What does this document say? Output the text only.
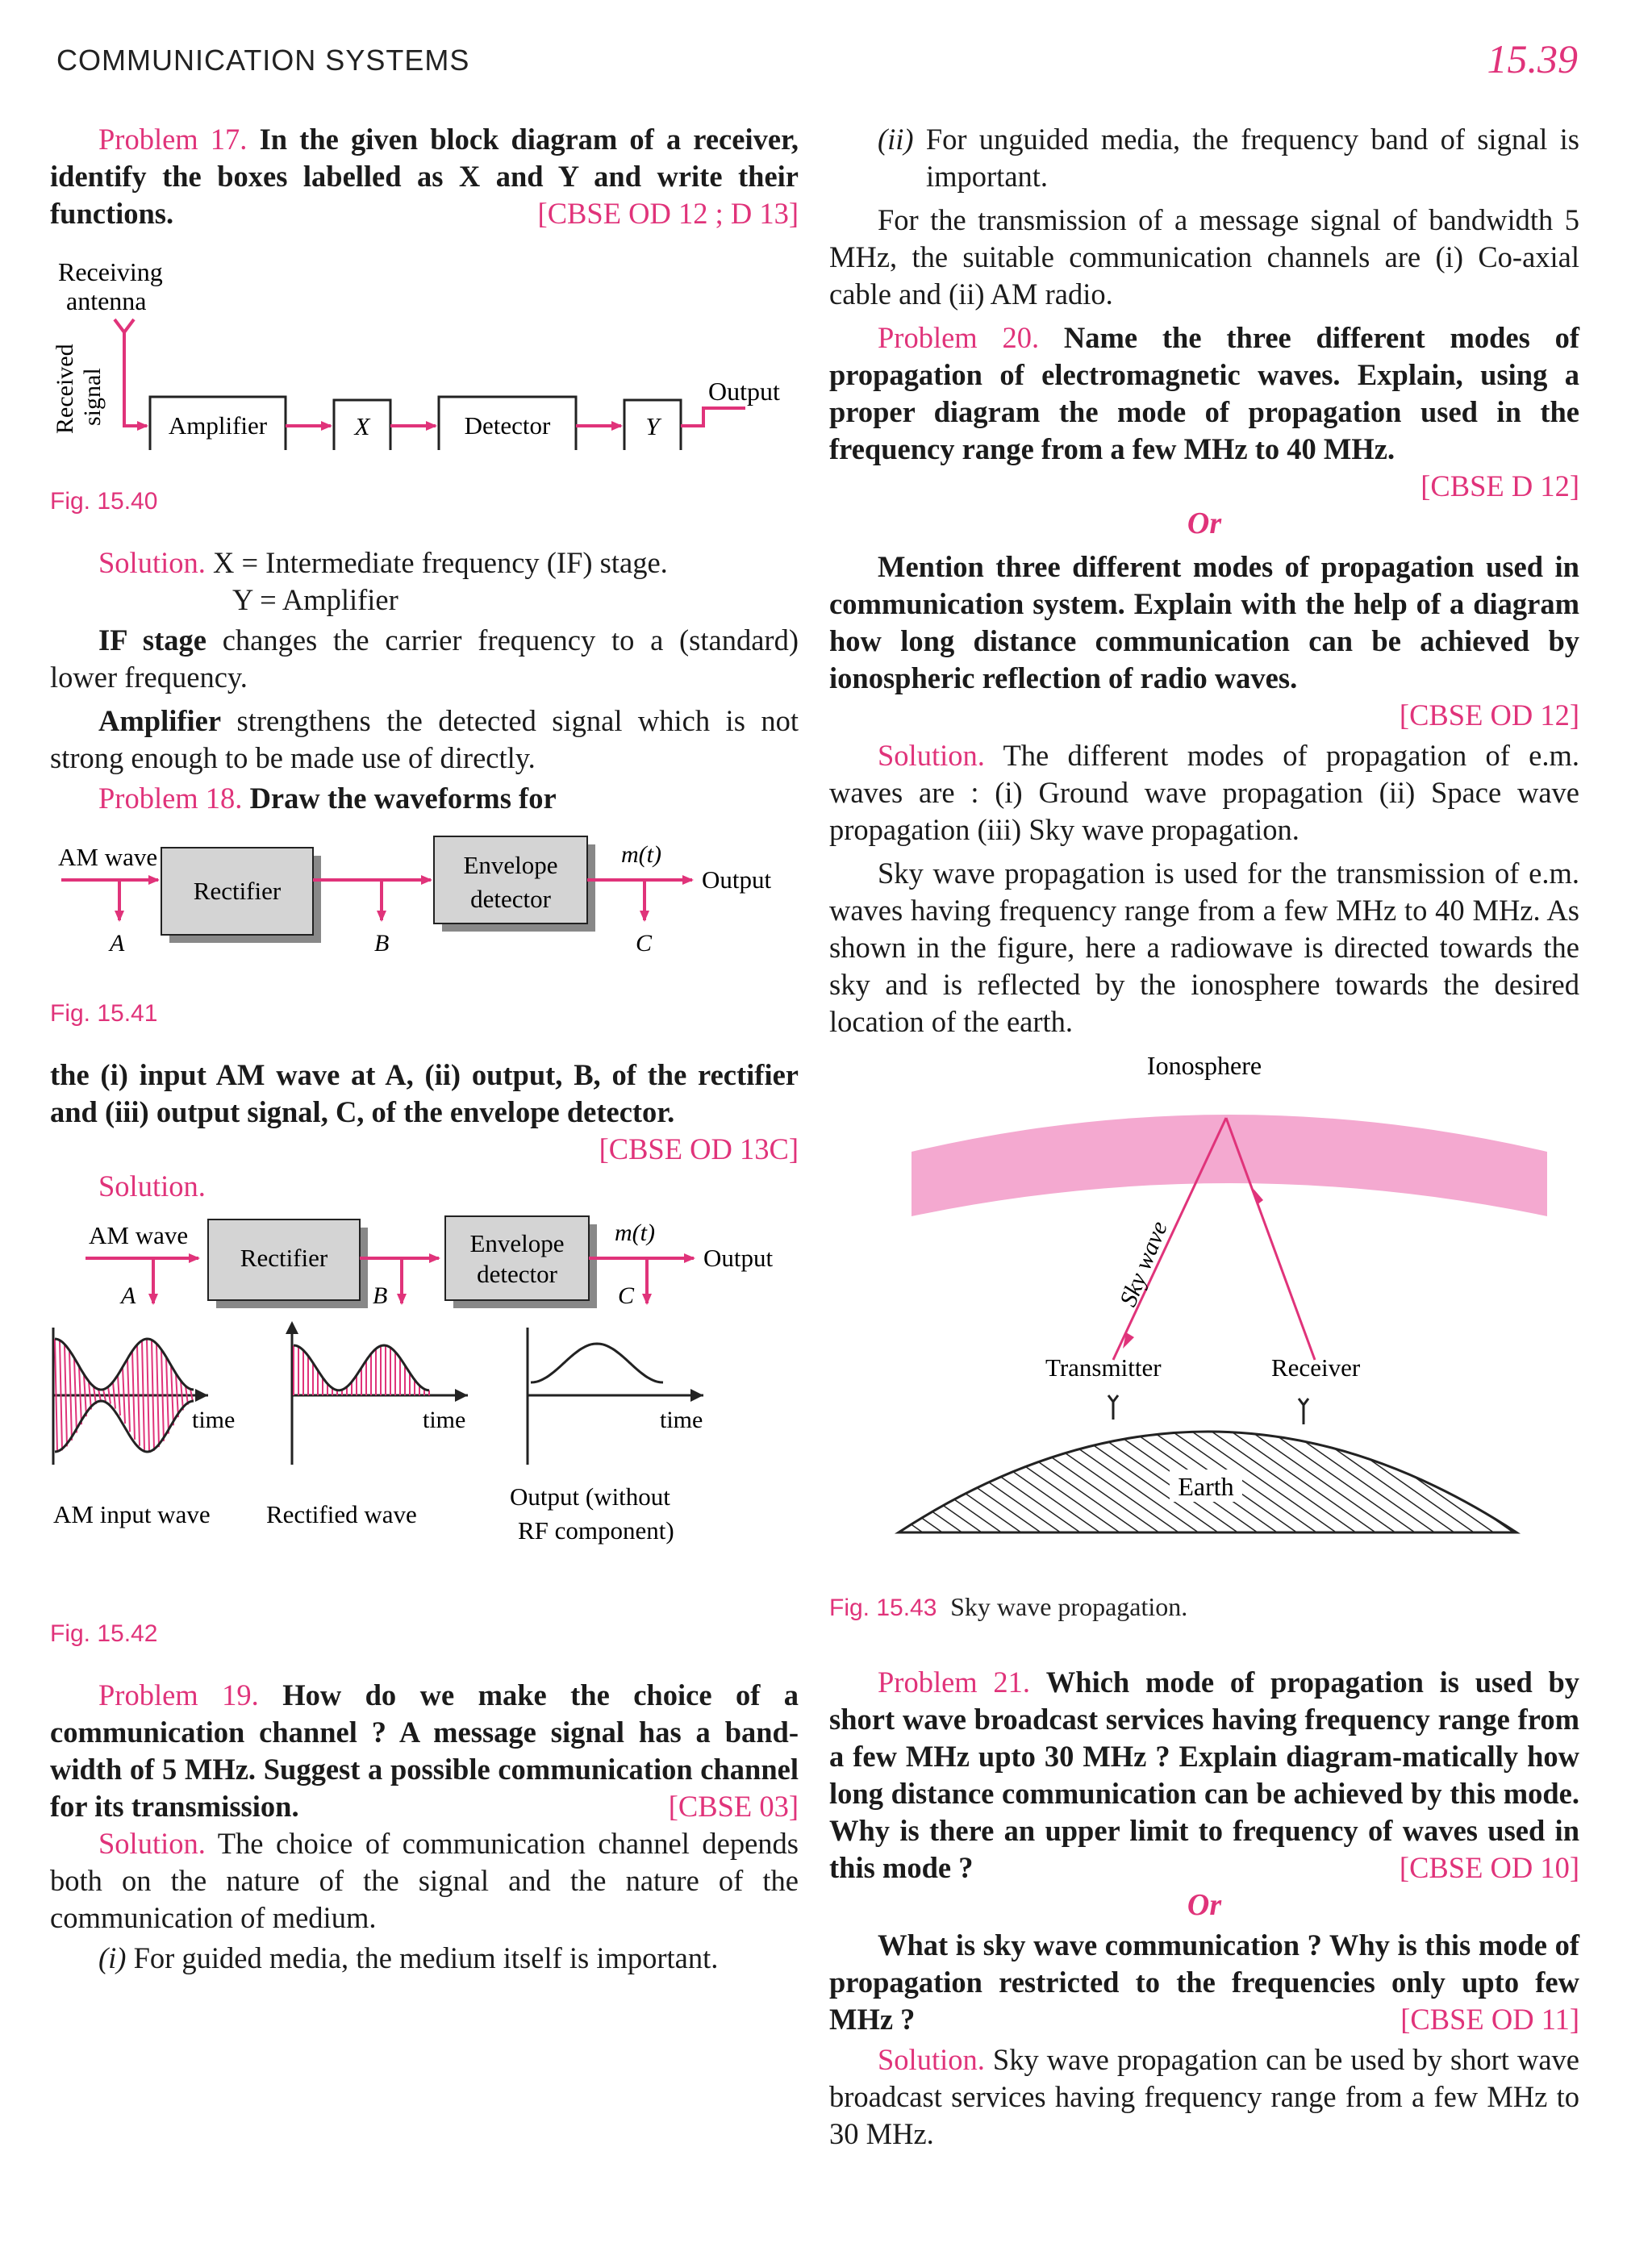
COMMUNICATION SYSTEMS	15.39

Problem 17. In the given block diagram of a receiver, identify the boxes labelled as X and Y and write their functions.	[CBSE OD 12 ; D 13]

Receiving
antenna
Received signal	Amplifier	X	Detector	Y
Output
Fig. 15.40

Solution. X = Intermediate frequency (IF) stage.

Y = Amplifier

IF stage changes the carrier frequency to a (standard) lower frequency.

Amplifier strengthens the detected signal which is not strong enough to be made use of directly.

Problem 18. Draw the waveforms for

AM wave
A
Rectifier
B
Envelope
detector
m(t)
C
Output
Fig. 15.41

the (i) input AM wave at A, (ii) output, B, of the rectifier and (iii) output signal, C, of the envelope detector.

[CBSE OD 13C]

Solution.

AM wave
A
Rectifier
B
Envelope
detector
m(t)
C
Output
time	time	time
AM input wave Rectified wave
Output (without
RF component)
Fig. 15.42

Problem 19. How do we make the choice of a communication channel ? A message signal has a band-width of 5 MHz. Suggest a possible communication channel for its transmission.	[CBSE 03]

Solution. The choice of communication channel depends both on the nature of the signal and the nature of the communication of medium.

(i) For guided media, the medium itself is important.

(ii) For unguided media, the frequency band of signal is important.

For the transmission of a message signal of bandwidth 5 MHz, the suitable communication channels are (i) Co-axial cable and (ii) AM radio.

Problem 20. Name the three different modes of propagation of electromagnetic waves. Explain, using a proper diagram the mode of propagation used in the frequency range from a few MHz to 40 MHz.

[CBSE D 12]
Or

Mention three different modes of propagation used in communication system. Explain with the help of a diagram how long distance communication can be achieved by ionospheric reflection of radio waves.

[CBSE OD 12]

Solution. The different modes of propagation of e.m. waves are : (i) Ground wave propagation (ii) Space wave propagation (iii) Sky wave propagation.

Sky wave propagation is used for the transmission of e.m. waves having frequency range from a few MHz to 40 MHz. As shown in the figure, here a radiowave is directed towards the sky and is reflected by the ionosphere towards the desired location of the earth.

Ionosphere
Sky wave
Transmitter	Receiver
Earth
Fig. 15.43 Sky wave propagation.

Problem 21. Which mode of propagation is used by short wave broadcast services having frequency range from a few MHz upto 30 MHz ? Explain diagram-matically how long distance communication can be achieved by this mode. Why is there an upper limit to frequency of waves used in this mode ?	[CBSE OD 10]

Or

What is sky wave communication ? Why is this mode of propagation restricted to the frequencies only upto few MHz ?	[CBSE OD 11]

Solution. Sky wave propagation can be used by short wave broadcast services having frequency range from a few MHz to 30 MHz.
